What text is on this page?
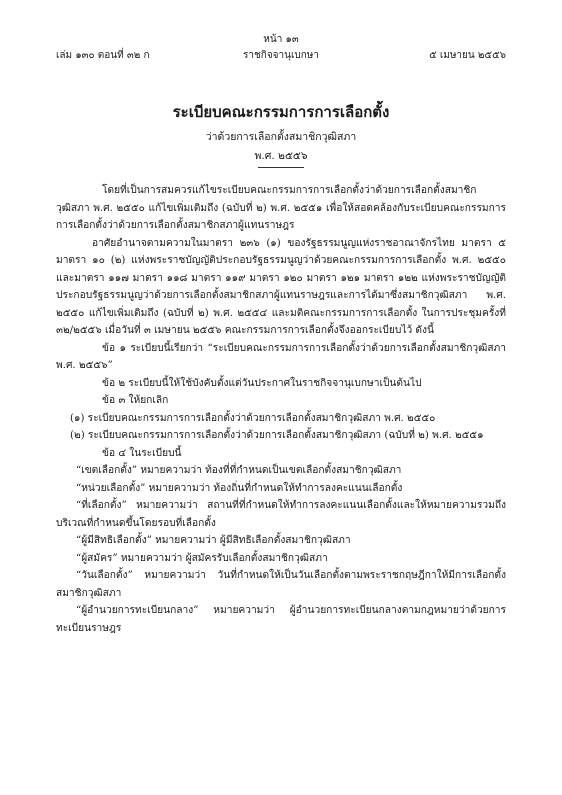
หน้า ๑๓
เล่ม ๑๓๐ ตอนที่ ๓๒ ก	ราชกิจจานุเบกษา	๕ เมษายน ๒๕๕๖
ระเบียบคณะกรรมการการเลือกตั้ง
ว่าด้วยการเลือกตั้งสมาชิกวุฒิสภา
พ.ศ. ๒๕๕๖

โดยที่เป็นการสมควรแก้ไขระเบียบคณะกรรมการการเลือกตั้งว่าด้วยการเลือกตั้งสมาชิกวุฒิสภา พ.ศ. ๒๕๕๐ แก้ไขเพิ่มเติมถึง (ฉบับที่ ๒) พ.ศ. ๒๕๕๑ เพื่อให้สอดคล้องกับระเบียบคณะกรรมการการเลือกตั้งว่าด้วยการเลือกตั้งสมาชิกสภาผู้แทนราษฎร

อาศัยอำนาจตามความในมาตรา ๒๓๖ (๑) ของรัฐธรรมนูญแห่งราชอาณาจักรไทย มาตรา ๕ มาตรา ๑๐ (๒) แห่งพระราชบัญญัติประกอบรัฐธรรมนูญว่าด้วยคณะกรรมการการเลือกตั้ง พ.ศ. ๒๕๕๐ และมาตรา ๑๑๗ มาตรา ๑๑๘ มาตรา ๑๑๙ มาตรา ๑๒๐ มาตรา ๑๒๑ มาตรา ๑๒๒ แห่งพระราชบัญญัติประกอบรัฐธรรมนูญว่าด้วยการเลือกตั้งสมาชิกสภาผู้แทนราษฎรและการได้มาซึ่งสมาชิกวุฒิสภา พ.ศ. ๒๕๕๐ แก้ไขเพิ่มเติมถึง (ฉบับที่ ๒) พ.ศ. ๒๕๕๔ และมติคณะกรรมการการเลือกตั้ง ในการประชุมครั้งที่ ๓๒/๒๕๕๖ เมื่อวันที่ ๓ เมษายน ๒๕๕๖ คณะกรรมการการเลือกตั้งจึงออกระเบียบไว้ ดังนี้

ข้อ ๑ ระเบียบนี้เรียกว่า “ระเบียบคณะกรรมการการเลือกตั้งว่าด้วยการเลือกตั้งสมาชิกวุฒิสภา พ.ศ. ๒๕๕๖”

ข้อ ๒ ระเบียบนี้ให้ใช้บังคับตั้งแต่วันประกาศในราชกิจจานุเบกษาเป็นต้นไป

ข้อ ๓ ให้ยกเลิก

(๑) ระเบียบคณะกรรมการการเลือกตั้งว่าด้วยการเลือกตั้งสมาชิกวุฒิสภา พ.ศ. ๒๕๕๐

(๒) ระเบียบคณะกรรมการการเลือกตั้งว่าด้วยการเลือกตั้งสมาชิกวุฒิสภา (ฉบับที่ ๒) พ.ศ. ๒๕๕๑

ข้อ ๔ ในระเบียบนี้

“เขตเลือกตั้ง” หมายความว่า ท้องที่ที่กำหนดเป็นเขตเลือกตั้งสมาชิกวุฒิสภา

“หน่วยเลือกตั้ง” หมายความว่า ท้องถิ่นที่กำหนดให้ทำการลงคะแนนเลือกตั้ง

“ที่เลือกตั้ง” หมายความว่า สถานที่ที่กำหนดให้ทำการลงคะแนนเลือกตั้งและให้หมายความรวมถึงบริเวณที่กำหนดขึ้นโดยรอบที่เลือกตั้ง

“ผู้มีสิทธิเลือกตั้ง” หมายความว่า ผู้มีสิทธิเลือกตั้งสมาชิกวุฒิสภา

“ผู้สมัคร” หมายความว่า ผู้สมัครรับเลือกตั้งสมาชิกวุฒิสภา

“วันเลือกตั้ง” หมายความว่า วันที่กำหนดให้เป็นวันเลือกตั้งตามพระราชกฤษฎีกาให้มีการเลือกตั้งสมาชิกวุฒิสภา

“ผู้อำนวยการทะเบียนกลาง” หมายความว่า ผู้อำนวยการทะเบียนกลางตามกฎหมายว่าด้วยการทะเบียนราษฎร
